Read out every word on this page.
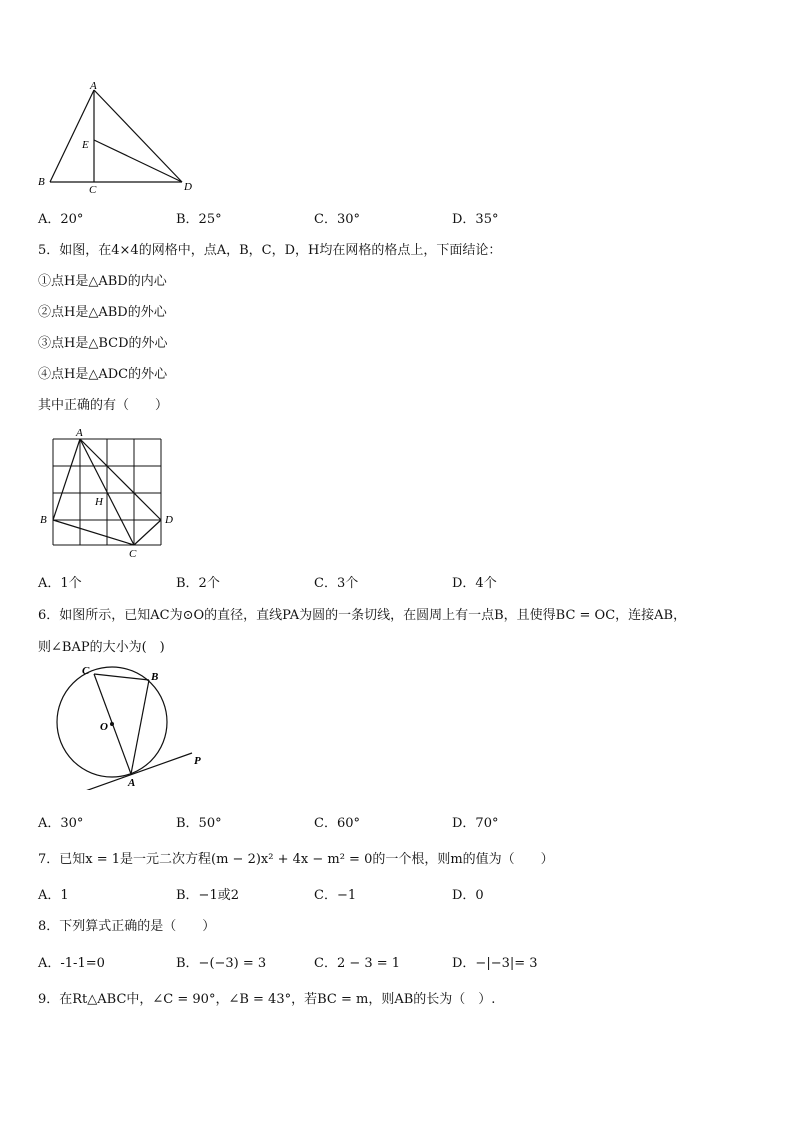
A
E
B
C	D
A．20°	B．25°	C．30°	D．35°
5．如图，在4×4的网格中，点A，B，C，D，H均在网格的格点上，下面结论：
①点H是△ABD的内心
②点H是△ABD的外心
③点H是△BCD的外心
④点H是△ADC的外心
其中正确的有（　　）
A
H
B	D
C
A．1个	B．2个	C．3个	D．4个
6．如图所示，已知AC为⊙O的直径，直线PA为圆的一条切线，在圆周上有一点B，且使得BC = OC，连接AB，
则∠BAP的大小为(　)
C	B
O
A
P
A．30°	B．50°	C．60°	D．70°
7．已知x = 1是一元二次方程(m − 2)x² + 4x − m² = 0的一个根，则m的值为（　　）
A．1	B．−1或2	C．−1	D．0
8．下列算式正确的是（　　）
A．-1-1=0	B．−(−3) = 3	C．2 − 3 = 1	D．−|−3|= 3
9．在Rt△ABC中，∠C = 90°，∠B = 43°，若BC = m，则AB的长为（　）.
